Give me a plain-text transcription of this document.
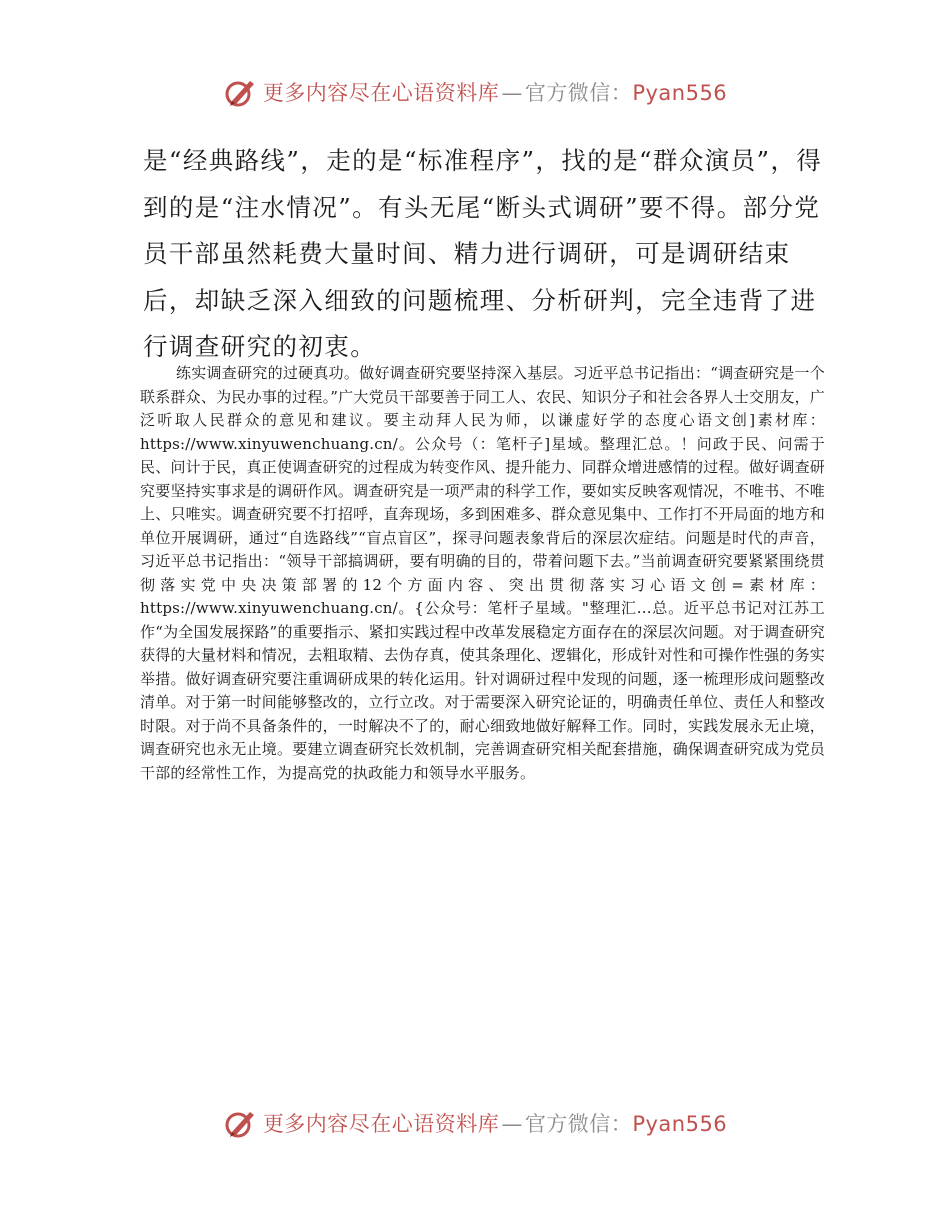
更多内容尽在心语资料库—官方微信：Pyan556

是“经典路线”，走的是“标准程序”，找的是“群众演员”，得到的是“注水情况”。有头无尾“断头式调研”要不得。部分党员干部虽然耗费大量时间、精力进行调研，可是调研结束后，却缺乏深入细致的问题梳理、分析研判，完全违背了进行调查研究的初衷。

练实调查研究的过硬真功。做好调查研究要坚持深入基层。习近平总书记指出：“调查研究是一个联系群众、为民办事的过程。”广大党员干部要善于同工人、农民、知识分子和社会各界人士交朋友，广泛听取人民群众的意见和建议。要主动拜人民为师，以谦虚好学的态度心语文创]素材库：https://www.xinyuwenchuang.cn/。公众号（：笔杆子]星域。整理汇总。！问政于民、问需于民、问计于民，真正使调查研究的过程成为转变作风、提升能力、同群众增进感情的过程。做好调查研究要坚持实事求是的调研作风。调查研究是一项严肃的科学工作，要如实反映客观情况，不唯书、不唯上、只唯实。调查研究要不打招呼，直奔现场，多到困难多、群众意见集中、工作打不开局面的地方和单位开展调研，通过“自选路线”“盲点盲区”，探寻问题表象背后的深层次症结。问题是时代的声音，习近平总书记指出：“领导干部搞调研，要有明确的目的，带着问题下去。”当前调查研究要紧紧围绕贯彻落实党中央决策部署的12个方面内容、突出贯彻落实习心语文创=素材库：https://www.xinyuwenchuang.cn/。{公众号：笔杆子星域。"整理汇…总。近平总书记对江苏工作“为全国发展探路”的重要指示、紧扣实践过程中改革发展稳定方面存在的深层次问题。对于调查研究获得的大量材料和情况，去粗取精、去伪存真，使其条理化、逻辑化，形成针对性和可操作性强的务实举措。做好调查研究要注重调研成果的转化运用。针对调研过程中发现的问题，逐一梳理形成问题整改清单。对于第一时间能够整改的，立行立改。对于需要深入研究论证的，明确责任单位、责任人和整改时限。对于尚不具备条件的，一时解决不了的，耐心细致地做好解释工作。同时，实践发展永无止境，调查研究也永无止境。要建立调查研究长效机制，完善调查研究相关配套措施，确保调查研究成为党员干部的经常性工作，为提高党的执政能力和领导水平服务。

更多内容尽在心语资料库—官方微信：Pyan556
